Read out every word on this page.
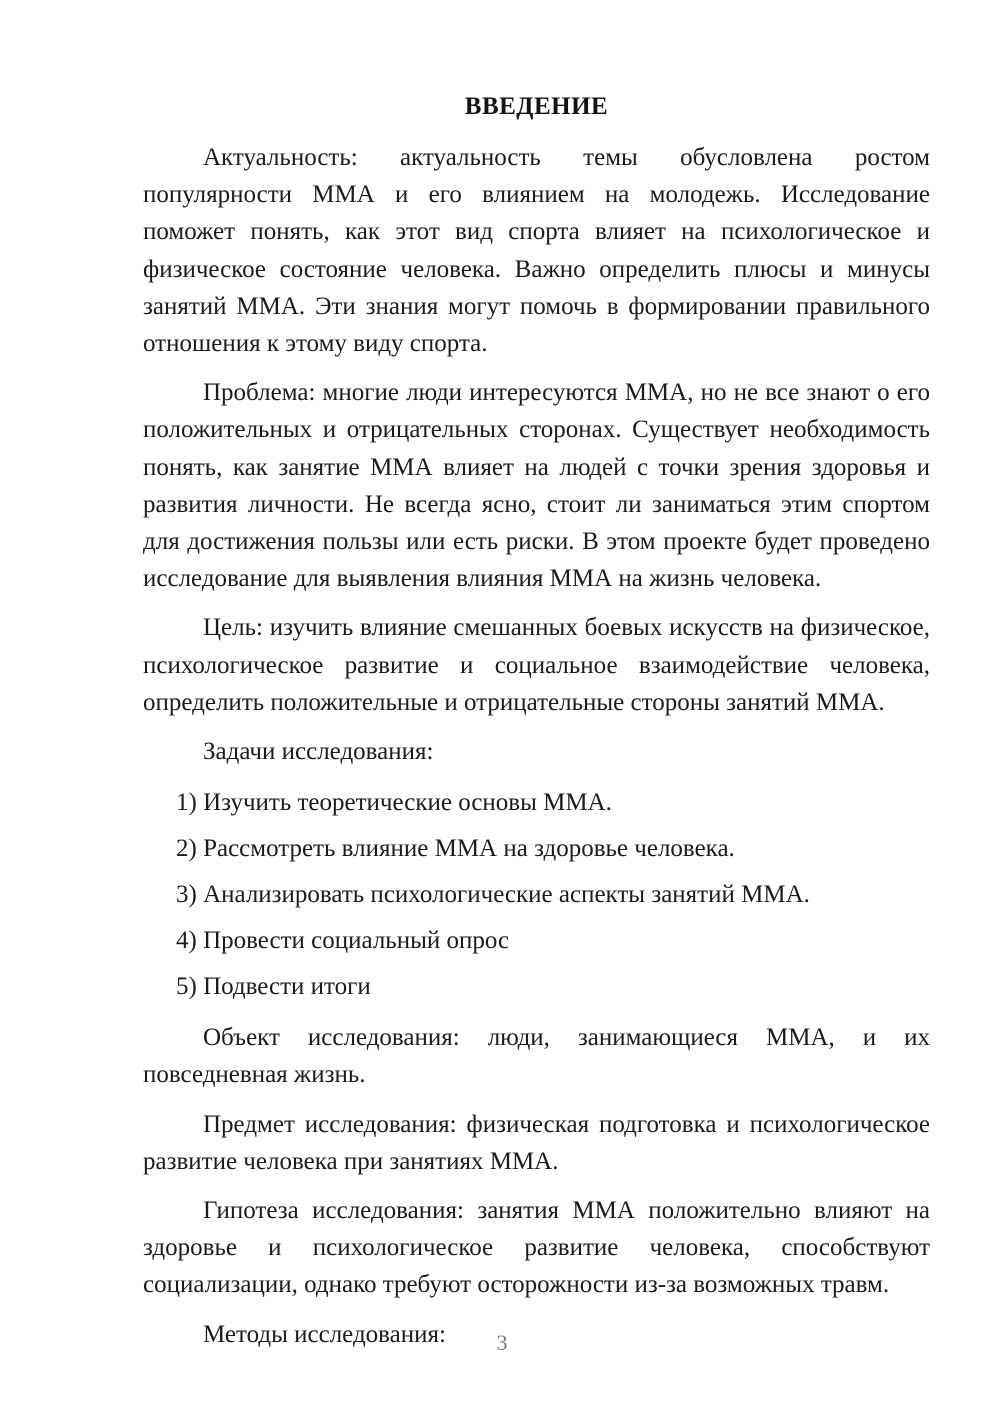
ВВЕДЕНИЕ

Актуальность: актуальность темы обусловлена ростом популярности ММА и его влиянием на молодежь. Исследование поможет понять, как этот вид спорта влияет на психологическое и физическое состояние человека. Важно определить плюсы и минусы занятий ММА. Эти знания могут помочь в формировании правильного отношения к этому виду спорта.

Проблема: многие люди интересуются ММА, но не все знают о его положительных и отрицательных сторонах. Существует необходимость понять, как занятие ММА влияет на людей с точки зрения здоровья и развития личности. Не всегда ясно, стоит ли заниматься этим спортом для достижения пользы или есть риски. В этом проекте будет проведено исследование для выявления влияния ММА на жизнь человека.

Цель: изучить влияние смешанных боевых искусств на физическое, психологическое развитие и социальное взаимодействие человека, определить положительные и отрицательные стороны занятий ММА.

Задачи исследования:

1) Изучить теоретические основы ММА.
2) Рассмотреть влияние ММА на здоровье человека.
3) Анализировать психологические аспекты занятий ММА.
4) Провести социальный опрос
5) Подвести итоги

Объект исследования: люди, занимающиеся ММА, и их повседневная жизнь.

Предмет исследования: физическая подготовка и психологическое развитие человека при занятиях ММА.

Гипотеза исследования: занятия ММА положительно влияют на здоровье и психологическое развитие человека, способствуют социализации, однако требуют осторожности из-за возможных травм.

Методы исследования:	3
